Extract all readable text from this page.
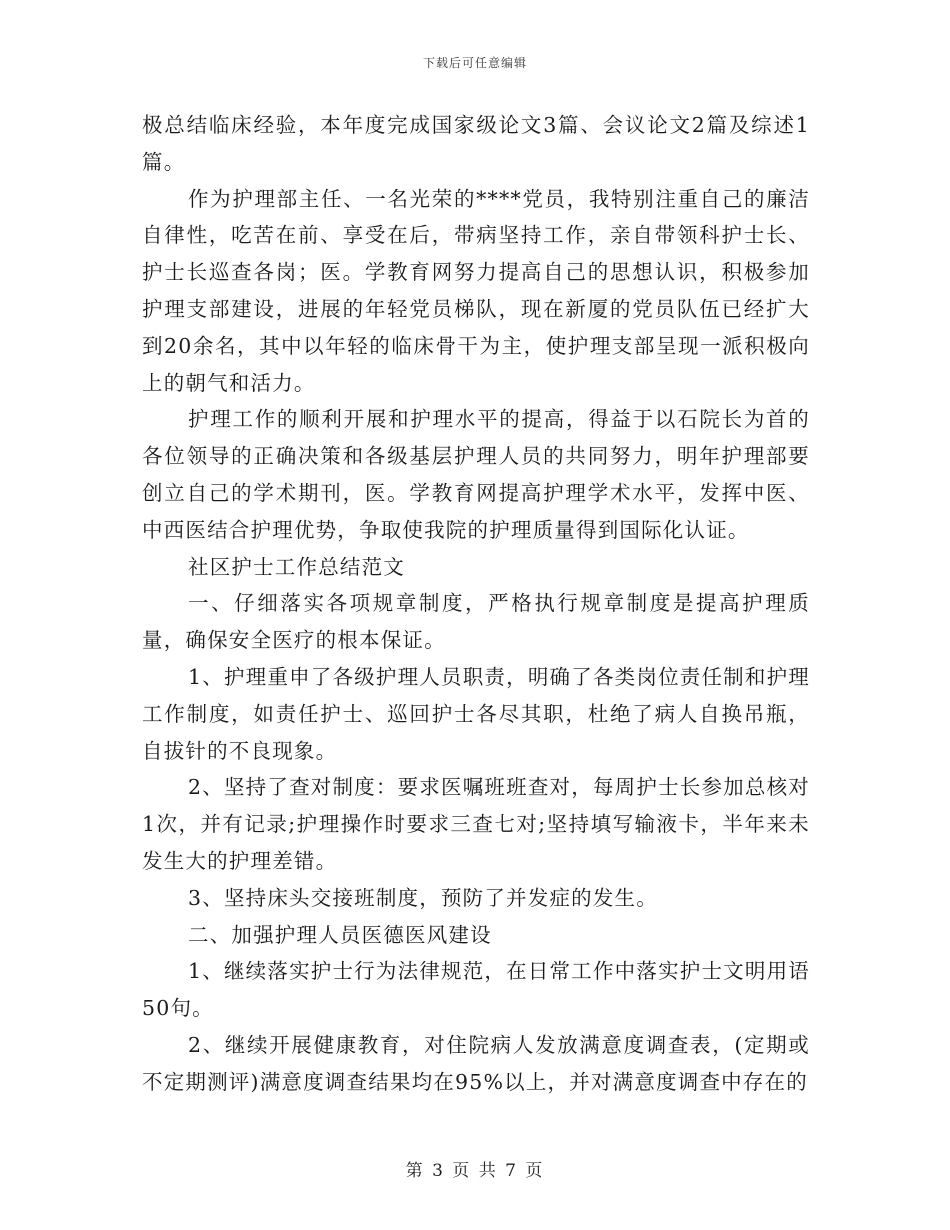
下载后可任意编辑

极总结临床经验，本年度完成国家级论文3篇、会议论文2篇及综述1篇。

作为护理部主任、一名光荣的****党员，我特别注重自己的廉洁自律性，吃苦在前、享受在后，带病坚持工作，亲自带领科护士长、护士长巡查各岗；医。学教育网努力提高自己的思想认识，积极参加护理支部建设，进展的年轻党员梯队，现在新厦的党员队伍已经扩大到20余名，其中以年轻的临床骨干为主，使护理支部呈现一派积极向上的朝气和活力。

护理工作的顺利开展和护理水平的提高，得益于以石院长为首的各位领导的正确决策和各级基层护理人员的共同努力，明年护理部要创立自己的学术期刊，医。学教育网提高护理学术水平，发挥中医、中西医结合护理优势，争取使我院的护理质量得到国际化认证。

社区护士工作总结范文

一、仔细落实各项规章制度，严格执行规章制度是提高护理质量，确保安全医疗的根本保证。

1、护理重申了各级护理人员职责，明确了各类岗位责任制和护理工作制度，如责任护士、巡回护士各尽其职，杜绝了病人自换吊瓶，自拔针的不良现象。

2、坚持了查对制度：要求医嘱班班查对，每周护士长参加总核对1次，并有记录;护理操作时要求三查七对;坚持填写输液卡，半年来未发生大的护理差错。

3、坚持床头交接班制度，预防了并发症的发生。

二、加强护理人员医德医风建设

1、继续落实护士行为法律规范，在日常工作中落实护士文明用语50句。

2、继续开展健康教育，对住院病人发放满意度调查表，(定期或不定期测评)满意度调查结果均在95%以上，并对满意度调查中存在的

第 3 页 共 7 页
